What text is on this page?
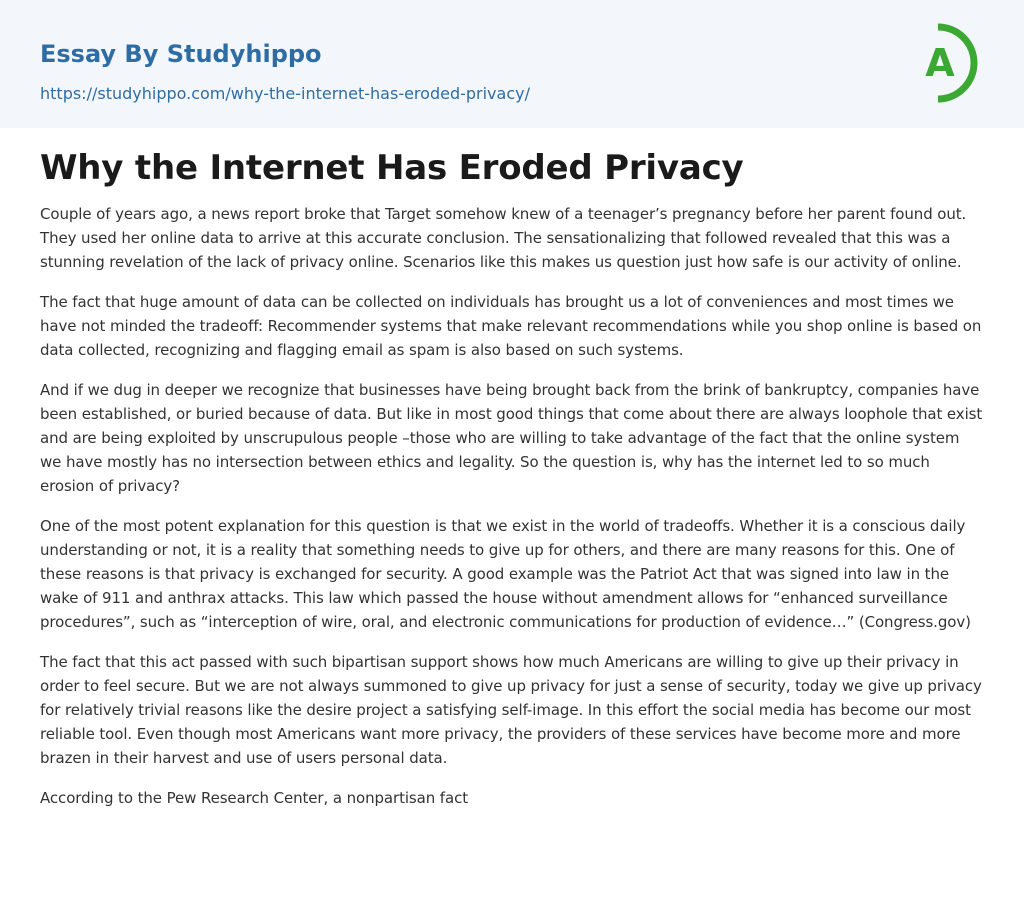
Essay By Studyhippo
https://studyhippo.com/why-the-internet-has-eroded-privacy/
A
Why the Internet Has Eroded Privacy

Couple of years ago, a news report broke that Target somehow knew of a teenager’s pregnancy before her parent found out. They used her online data to arrive at this accurate conclusion. The sensationalizing that followed revealed that this was a stunning revelation of the lack of privacy online. Scenarios like this makes us question just how safe is our activity of online.

The fact that huge amount of data can be collected on individuals has brought us a lot of conveniences and most times we have not minded the tradeoff: Recommender systems that make relevant recommendations while you shop online is based on data collected, recognizing and flagging email as spam is also based on such systems.

And if we dug in deeper we recognize that businesses have being brought back from the brink of bankruptcy, companies have been established, or buried because of data. But like in most good things that come about there are always loophole that exist and are being exploited by unscrupulous people –those who are willing to take advantage of the fact that the online system we have mostly has no intersection between ethics and legality. So the question is, why has the internet led to so much erosion of privacy?

One of the most potent explanation for this question is that we exist in the world of tradeoffs. Whether it is a conscious daily understanding or not, it is a reality that something needs to give up for others, and there are many reasons for this. One of these reasons is that privacy is exchanged for security. A good example was the Patriot Act that was signed into law in the wake of 911 and anthrax attacks. This law which passed the house without amendment allows for “enhanced surveillance procedures”, such as “interception of wire, oral, and electronic communications for production of evidence…” (Congress.gov)

The fact that this act passed with such bipartisan support shows how much Americans are willing to give up their privacy in order to feel secure. But we are not always summoned to give up privacy for just a sense of security, today we give up privacy for relatively trivial reasons like the desire project a satisfying self-image. In this effort the social media has become our most reliable tool. Even though most Americans want more privacy, the providers of these services have become more and more brazen in their harvest and use of users personal data.

According to the Pew Research Center, a nonpartisan fact
